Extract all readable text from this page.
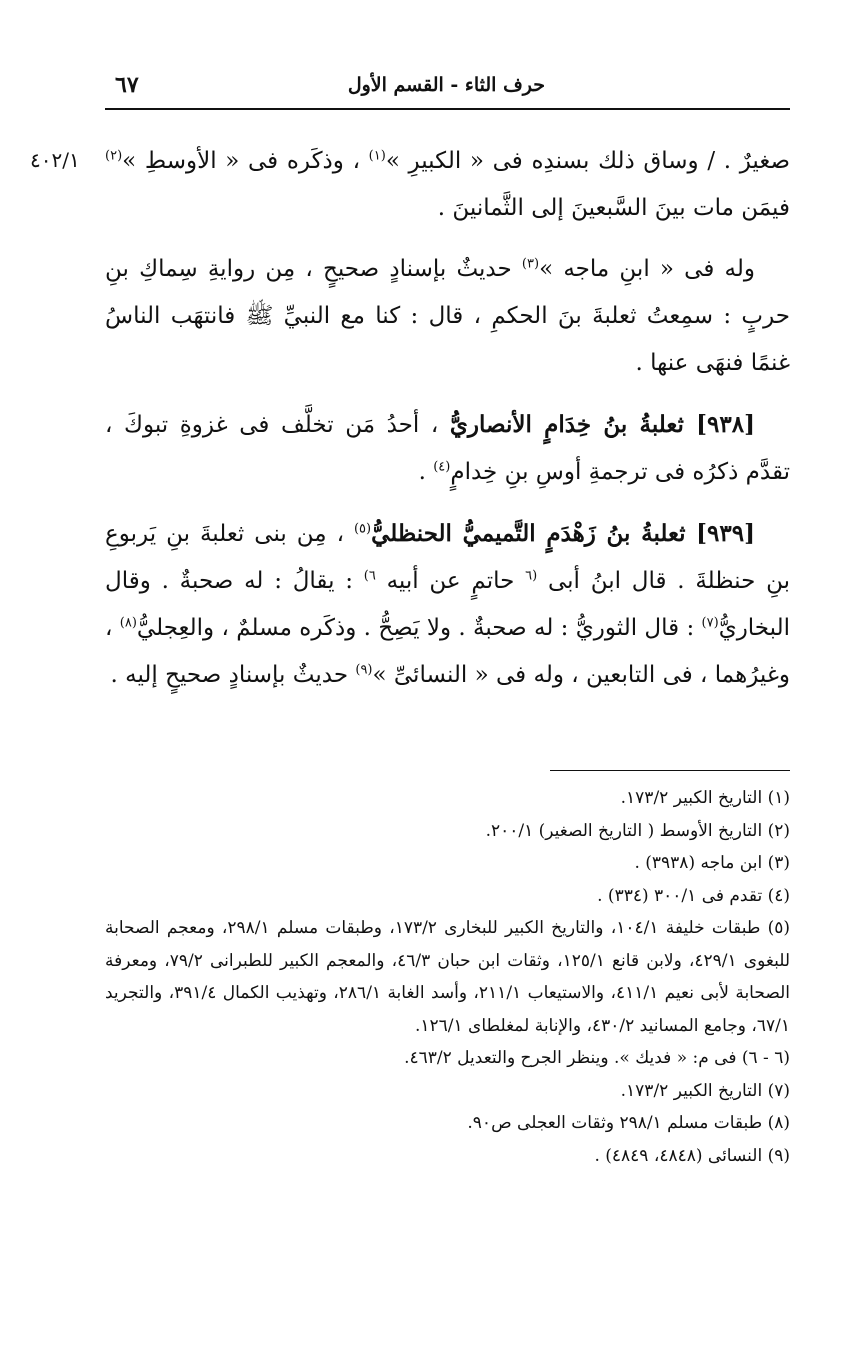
٦٧	حرف الثاء - القسم الأول
٤٠٢/١	صغيرٌ . / وساق ذلك بسندِه فى « الكبيرِ »$^{(١)}$ ، وذكَره فى « الأوسطِ »$^{(٢)}$ فيمَن مات بينَ السَّبعينَ إلى الثَّمانينَ .

وله فى « ابنِ ماجه »$^{(٣)}$ حديثٌ بإسنادٍ صحيحٍ ، مِن روايةِ سِماكِ بنِ حربٍ : سمِعتُ ثعلبةَ بنَ الحكمِ ، قال : كنا مع النبيِّ ﷺ فانتهَب الناسُ غنمًا فنهَى عنها .

[٩٣٨] ثعلبةُ بنُ خِدَامٍ الأنصاريُّ ، أحدُ مَن تخلَّف فى غزوةِ تبوكَ ، تقدَّم ذكرُه فى ترجمةِ أوسِ بنِ خِدامٍ$^{(٤)}$ .

[٩٣٩] ثعلبةُ بنُ زَهْدَمٍ التَّميميُّ الحنظليُّ$^{(٥)}$ ، مِن بنى ثعلبةَ بنِ يَربوعِ بنِ حنظلةَ . قال ابنُ أبى $^{(٦}$ حاتمٍ عن أبيه $^{٦)}$ : يقالُ : له صحبةٌ . وقال البخاريُّ$^{(٧)}$ : قال الثوريُّ : له صحبةٌ . ولا يَصِحُّ . وذكَره مسلمٌ ، والعِجليُّ$^{(٨)}$ ، وغيرُهما ، فى التابعين ، وله فى « النسائىِّ »$^{(٩)}$ حديثٌ بإسنادٍ صحيحٍ إليه .

(١) التاريخ الكبير ١٧٣/٢.

(٢) التاريخ الأوسط ( التاريخ الصغير) ٢٠٠/١.

(٣) ابن ماجه (٣٩٣٨) .

(٤) تقدم فى ٣٠٠/١ (٣٣٤) .

(٥) طبقات خليفة ١٠٤/١، والتاريخ الكبير للبخارى ١٧٣/٢، وطبقات مسلم ٢٩٨/١، ومعجم الصحابة للبغوى ٤٢٩/١، ولابن قانع ١٢٥/١، وثقات ابن حبان ٤٦/٣، والمعجم الكبير للطبرانى ٧٩/٢، ومعرفة الصحابة لأبى نعيم ٤١١/١، والاستيعاب ٢١١/١، وأسد الغابة ٢٨٦/١، وتهذيب الكمال ٣٩١/٤، والتجريد ٦٧/١، وجامع المسانيد ٤٣٠/٢، والإنابة لمغلطاى ١٢٦/١.

(٦ - ٦) فى م: « فديك ». وينظر الجرح والتعديل ٤٦٣/٢.

(٧) التاريخ الكبير ١٧٣/٢.

(٨) طبقات مسلم ٢٩٨/١ وثقات العجلى ص٩٠.

(٩) النسائى (٤٨٤٨، ٤٨٤٩) .
